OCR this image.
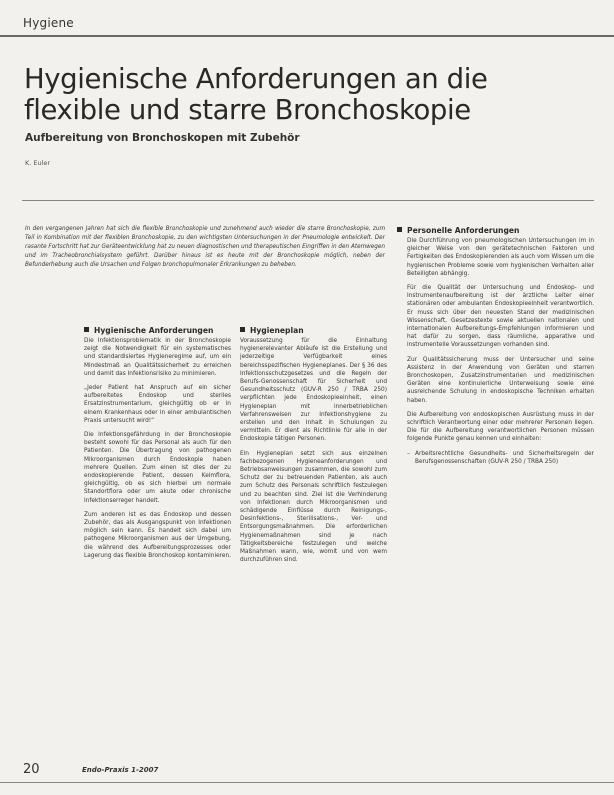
Hygiene
Hygienische Anforderungen an die flexible und starre Bronchoskopie
Aufbereitung von Bronchoskopen mit Zubehör
K. Euler
In den vergangenen Jahren hat sich die flexible Bronchoskopie und zunehmend auch wieder die starre Bronchoskopie, zum Teil in Kombination mit der flexiblen Bronchoskopie, zu den wichtigsten Untersuchungen in der Pneumologie entwickelt. Der rasante Fortschritt hat zur Geräteentwicklung hat zu neuen diagnostischen und therapeutischen Eingriffen in den Atemwegen und im Tracheobronchialsystem geführt. Darüber hinaus ist es heute mit der Bronchoskopie möglich, neben der Befunderhebung auch die Ursachen und Folgen bronchopulmonaler Erkrankungen zu beheben.
Hygienische Anforderungen

Die Infektionsproblematik in der Bronchoskopie zeigt die Notwendigkeit für ein systematisches und standardisiertes Hygieneregime auf, um ein Mindestmaß an Qualitätssicherheit zu erreichen und damit das Infektionsrisiko zu minimieren.

„Jeder Patient hat Anspruch auf ein sicher aufbereitetes Endoskop und steriles Ersatzinstrumentarium, gleichgültig ob er in einem Krankenhaus oder in einer ambulantischen Praxis untersucht wird!“

Die Infektionsgefährdung in der Bronchoskopie besteht sowohl für das Personal als auch für den Patienten. Die Übertragung von pathogenen Mikroorganismen durch Endoskopie haben mehrere Quellen. Zum einen ist dies der zu endoskopierende Patient, dessen Keimflora, gleichgültig, ob es sich hierbei um normale Standortflora oder um akute oder chronische Infektionserreger handelt.

Zum anderen ist es das Endoskop und dessen Zubehör, das als Ausgangspunkt von Infektionen möglich sein kann. Es handelt sich dabei um pathogene Mikroorganismen aus der Umgebung, die während des Aufbereitungsprozesses oder Lagerung das flexible Bronchoskop kontaminieren.

Hygieneplan

Voraussetzung für die Einhaltung hygienerelevanter Abläufe ist die Erstellung und jederzeitige Verfügbarkeit eines bereichsspezifischen Hygieneplanes. Der § 36 des Infektionsschutzgesetzes und die Regeln der Berufs-Genossenschaft für Sicherheit und Gesundheitsschutz (GUV-R 250 / TRBA 250) verpflichten jede Endoskopieeinheit, einen Hygieneplan mit innerbetrieblichen Verfahrensweisen zur Infektionshygiene zu erstellen und den Inhalt in Schulungen zu vermitteln. Er dient als Richtlinie für alle in der Endoskopie tätigen Personen.

Ein Hygieneplan setzt sich aus einzelnen fachbezogenen Hygieneanforderungen und Betriebsanweisungen zusammen, die sowohl zum Schutz der zu betreuenden Patienten, als auch zum Schutz des Personals schriftlich festzulegen und zu beachten sind. Ziel ist die Verhinderung von Infektionen durch Mikroorganismen und schädigende Einflüsse durch Reinigungs-, Desinfektions-, Sterilisations-, Ver- und Entsorgungsmaßnahmen. Die erforderlichen Hygienemaßnahmen sind je nach Tätigkeitsbereiche festzulegen und welche Maßnahmen wann, wie, womit und von wem durchzuführen sind.

Personelle Anforderungen

Die Durchführung von pneumologischen Untersuchungen im in gleicher Weise von den gerätetechnischen Faktoren und Fertigkeiten des Endoskopierenden als auch vom Wissen um die hygienischen Probleme sowie vom hygienischen Verhalten aller Beteiligten abhängig.

Für die Qualität der Untersuchung und Endoskop- und Instrumentenaufbereitung ist der ärztliche Leiter einer stationären oder ambulanten Endoskopieeinheit verantwortlich. Er muss sich über den neuesten Stand der medizinischen Wissenschaft, Gesetzestexte sowie aktuellen nationalen und internationalen Aufbereitungs-Empfehlungen informieren und hat dafür zu sorgen, dass räumliche, apparative und instrumentelle Voraussetzungen vorhanden sind.

Zur Qualitätssicherung muss der Untersucher und seine Assistenz in der Anwendung von Geräten und starren Bronchoskopen, Zusatzinstrumentarien und medizinischen Geräten eine kontinuierliche Unterweisung sowie eine ausreichende Schulung in endoskopische Techniken erhalten haben.

Die Aufbereitung von endoskopischen Ausrüstung muss in der schriftlich Verantwortung einer oder mehrerer Personen liegen. Die für die Aufbereitung verantwortlichen Personen müssen folgende Punkte genau kennen und einhalten:

– Arbeitsrechtliche Gesundheits- und Sicherheitsregeln der Berufsgenossenschaften (GUV-R 250 / TRBA 250)
20	Endo-Praxis 1-2007
